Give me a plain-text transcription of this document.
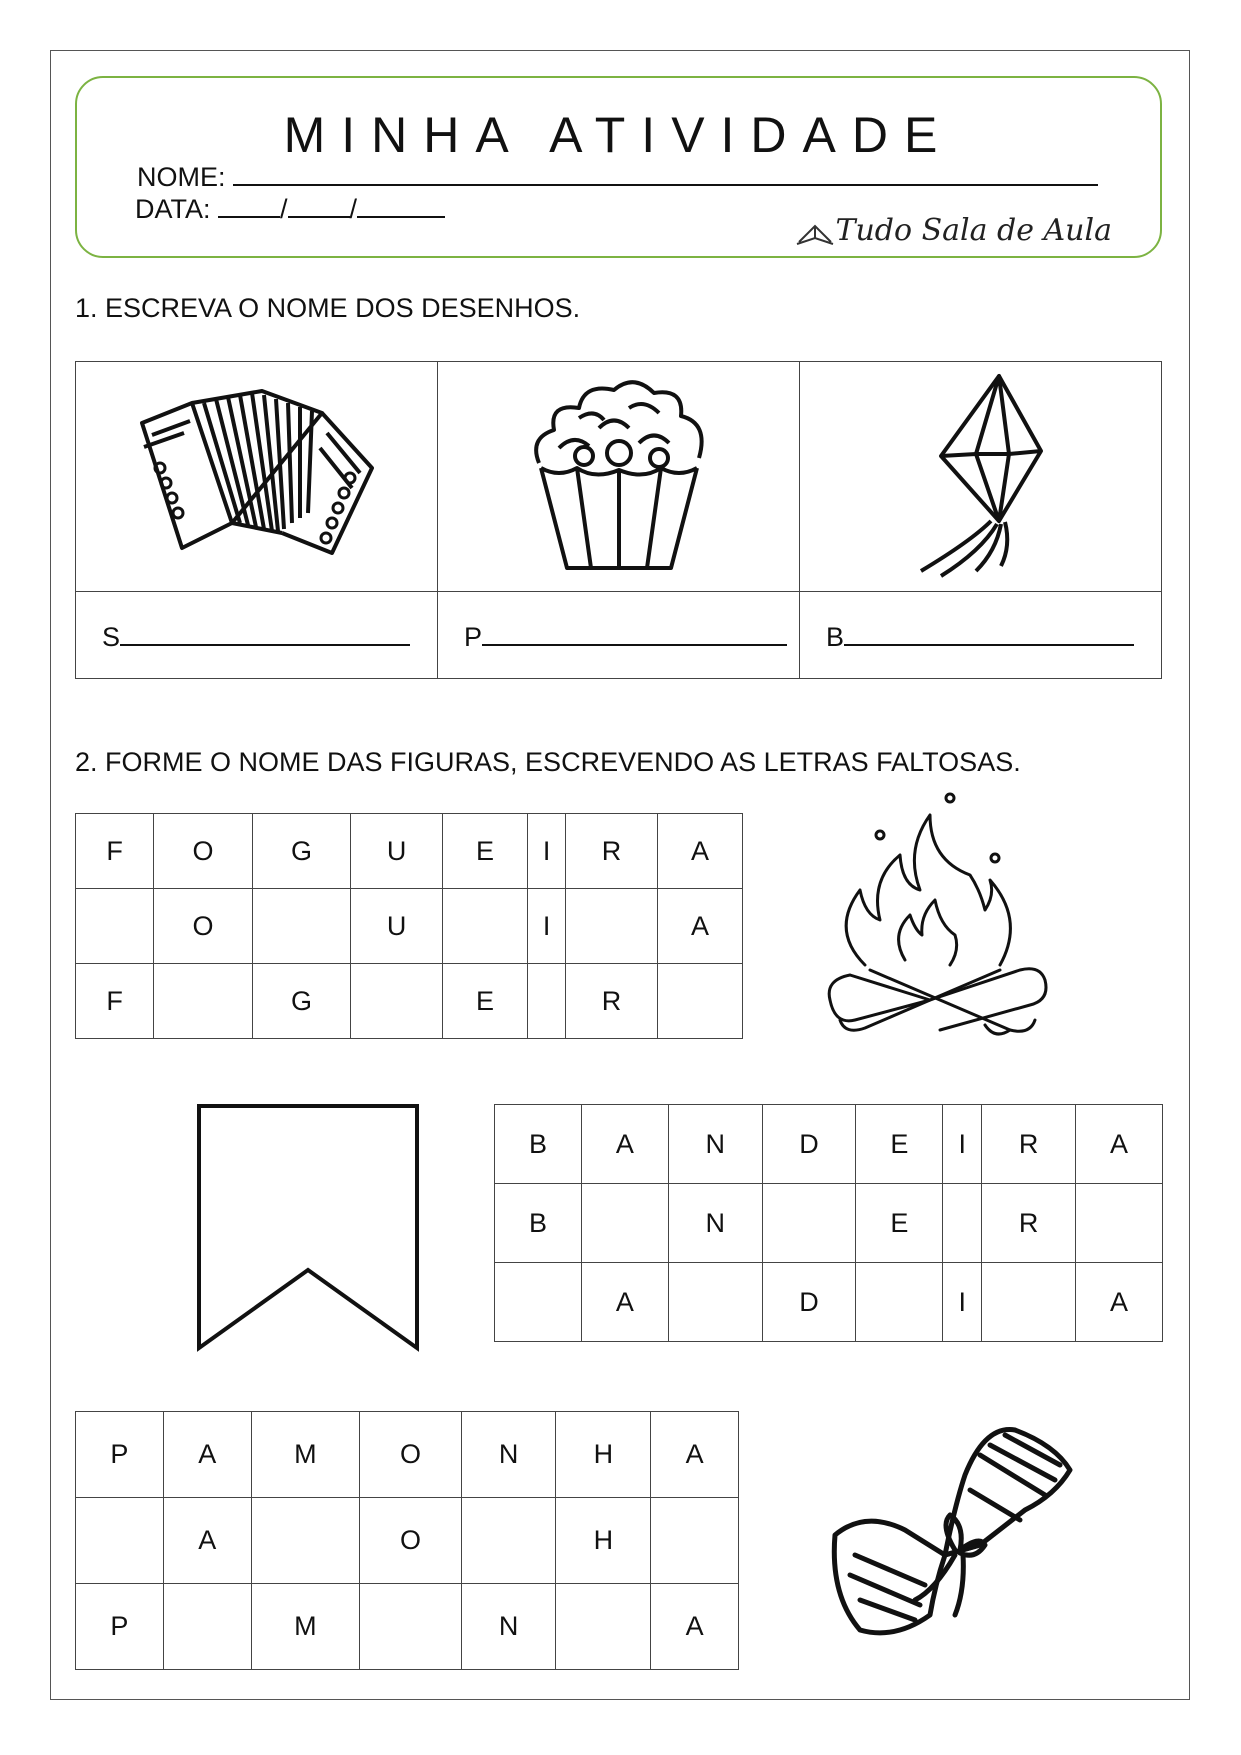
MINHA ATIVIDADE
NOME:
DATA:	/ /
Tudo Sala de Aula
1. ESCREVA O NOME DOS DESENHOS.

S	P	B
2. FORME O NOME DAS FIGURAS, ESCREVENDO AS LETRAS FALTOSAS.
F	O	G	U	E	I	R	A
	O		U		I		A
F		G		E		R	
B	A	N	D	E	I	R	A
B		N		E		R	
	A		D		I		A
P	A	M	O	N	H	A
	A		O		H	
P		M		N		A
